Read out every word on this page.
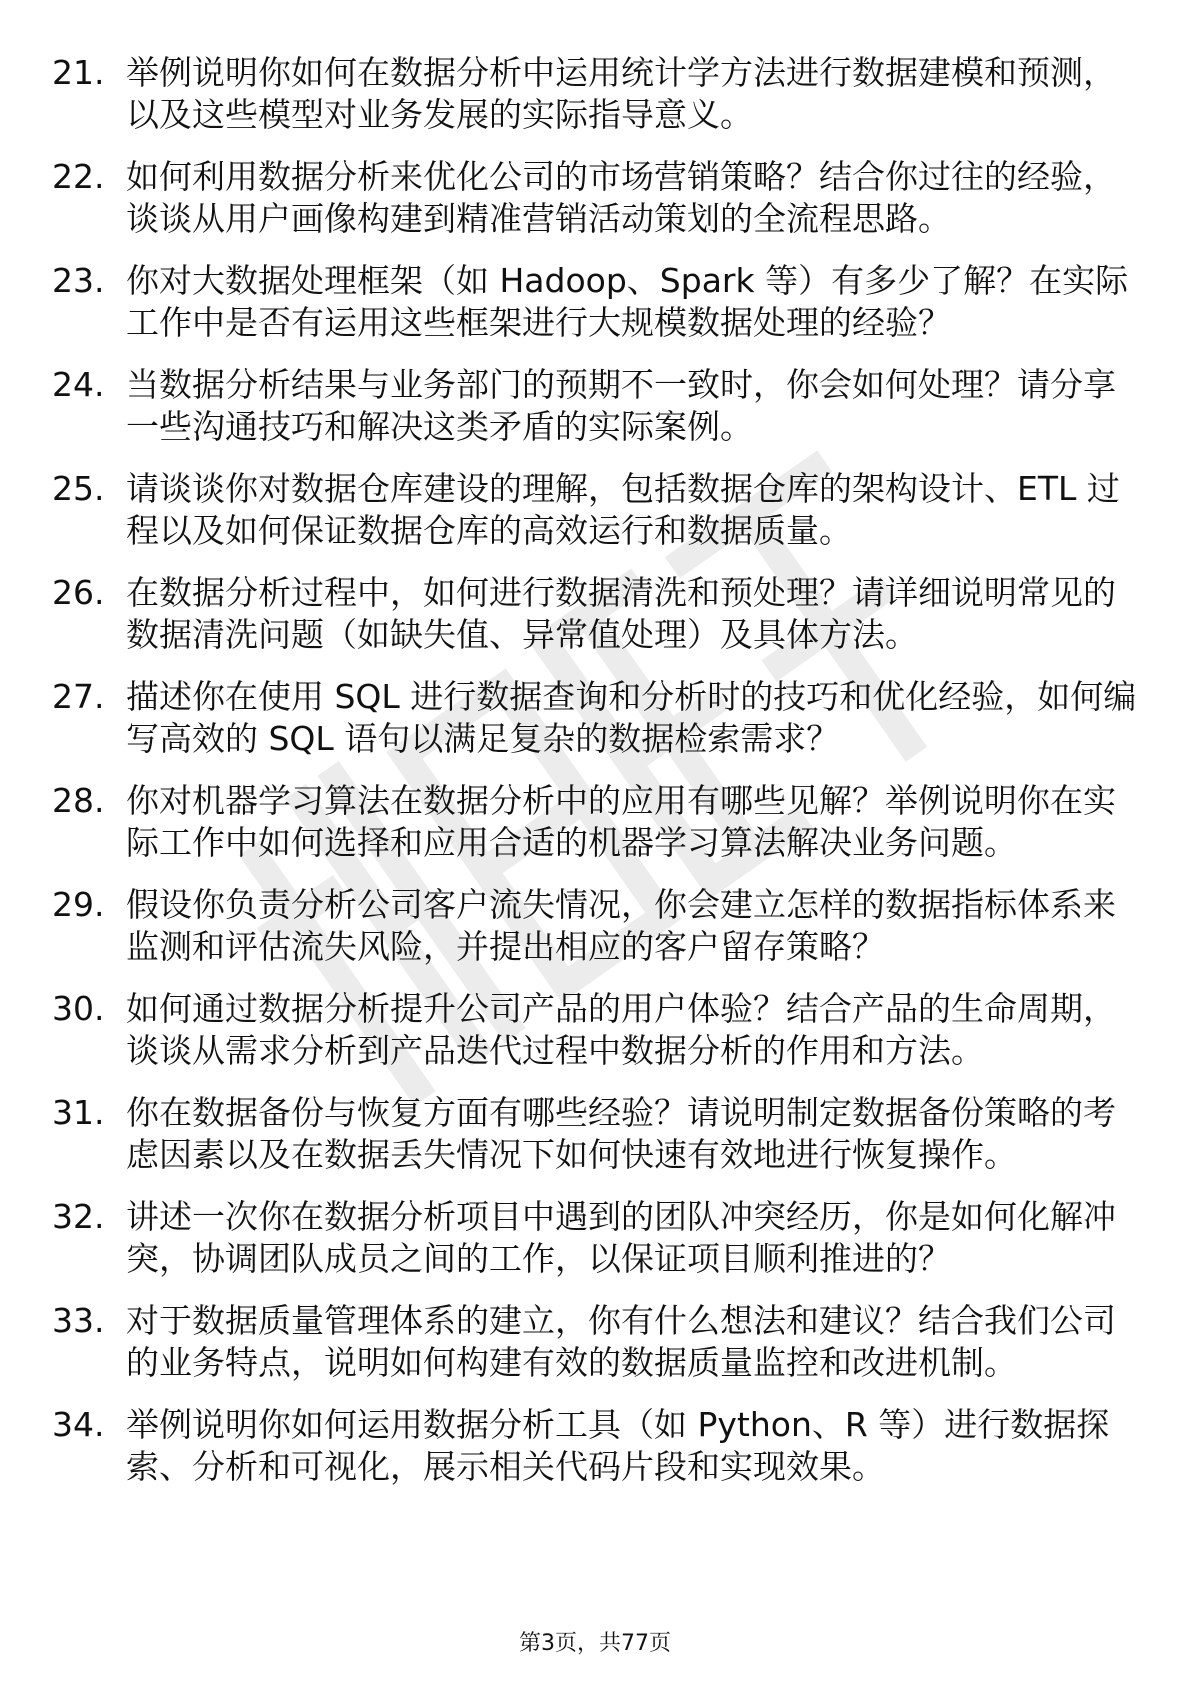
21. 举例说明你如何在数据分析中运用统计学方法进行数据建模和预测，以及这些模型对业务发展的实际指导意义。
22. 如何利用数据分析来优化公司的市场营销策略？结合你过往的经验，谈谈从用户画像构建到精准营销活动策划的全流程思路。
23. 你对大数据处理框架（如 Hadoop、Spark 等）有多少了解？在实际工作中是否有运用这些框架进行大规模数据处理的经验？
24. 当数据分析结果与业务部门的预期不一致时，你会如何处理？请分享一些沟通技巧和解决这类矛盾的实际案例。
25. 请谈谈你对数据仓库建设的理解，包括数据仓库的架构设计、ETL 过程以及如何保证数据仓库的高效运行和数据质量。
26. 在数据分析过程中，如何进行数据清洗和预处理？请详细说明常见的数据清洗问题（如缺失值、异常值处理）及具体方法。
27. 描述你在使用 SQL 进行数据查询和分析时的技巧和优化经验，如何编写高效的 SQL 语句以满足复杂的数据检索需求？
28. 你对机器学习算法在数据分析中的应用有哪些见解？举例说明你在实际工作中如何选择和应用合适的机器学习算法解决业务问题。
29. 假设你负责分析公司客户流失情况，你会建立怎样的数据指标体系来监测和评估流失风险，并提出相应的客户留存策略？
30. 如何通过数据分析提升公司产品的用户体验？结合产品的生命周期，谈谈从需求分析到产品迭代过程中数据分析的作用和方法。
31. 你在数据备份与恢复方面有哪些经验？请说明制定数据备份策略的考虑因素以及在数据丢失情况下如何快速有效地进行恢复操作。
32. 讲述一次你在数据分析项目中遇到的团队冲突经历，你是如何化解冲突，协调团队成员之间的工作，以保证项目顺利推进的？
33. 对于数据质量管理体系的建立，你有什么想法和建议？结合我们公司的业务特点，说明如何构建有效的数据质量监控和改进机制。
34. 举例说明你如何运用数据分析工具（如 Python、R 等）进行数据探索、分析和可视化，展示相关代码片段和实现效果。
第3页，共77页
